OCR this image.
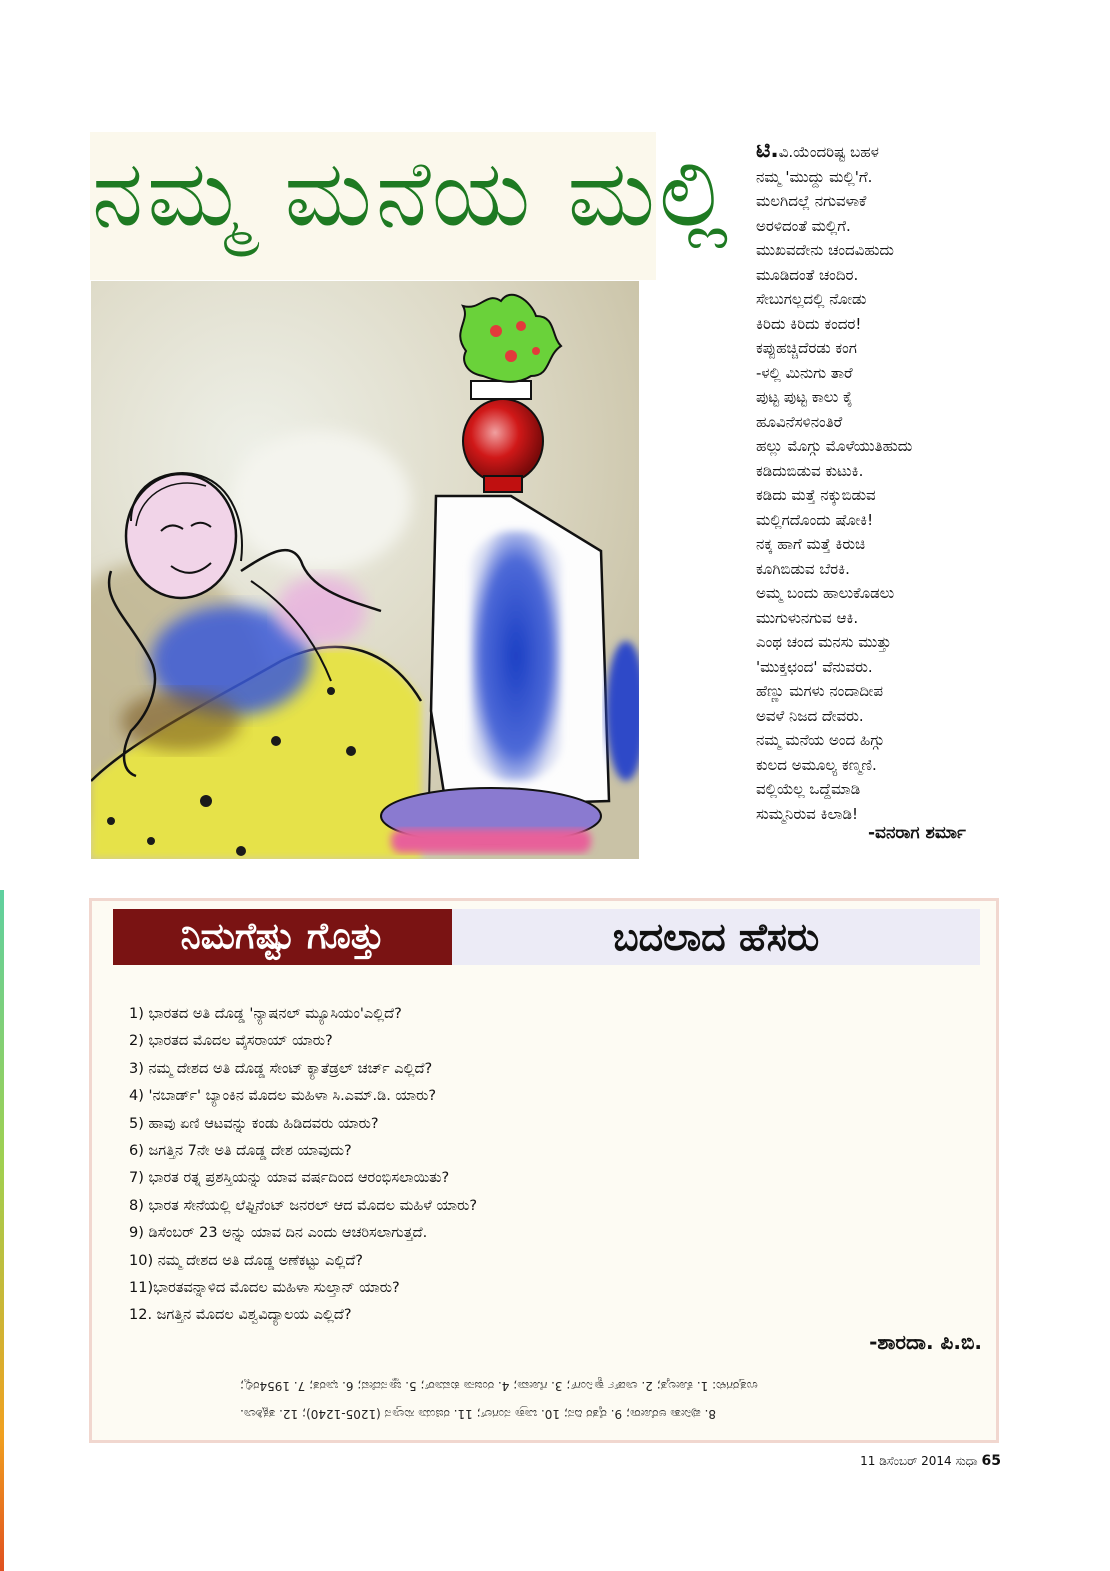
ನಮ್ಮ ಮನೆಯ ಮಲ್ಲಿ ಟಿ.ವಿ.ಯೆಂದರಿಷ್ಟ ಬಹಳ
ನಮ್ಮ 'ಮುದ್ದು ಮಲ್ಲಿ'ಗೆ.
ಮಲಗಿದಲ್ಲೆ ನಗುವಳಾಕೆ
ಅರಳಿದಂತೆ ಮಲ್ಲಿಗೆ.
ಮುಖವದೇನು ಚಂದವಿಹುದು
ಮೂಡಿದಂತೆ ಚಂದಿರ.
ಸೇಬುಗಲ್ಲದಲ್ಲಿ ನೋಡು
ಕಿರಿದು ಕಿರಿದು ಕಂದರ!
ಕಪ್ಪುಹಚ್ಚಿದೆರಡು ಕಂಗ
-ಳಲ್ಲಿ ಮಿನುಗು ತಾರೆ
ಪುಟ್ಟ ಪುಟ್ಟ ಕಾಲು ಕೈ
ಹೂವಿನೆಸಳಿನಂತಿರೆ
ಹಲ್ಲು ಮೊಗ್ಗು ಮೊಳೆಯುತಿಹುದು
ಕಡಿದುಬಿಡುವ ಕುಟುಕಿ.
ಕಡಿದು ಮತ್ತೆ ನಕ್ಕುಬಿಡುವ
ಮಲ್ಲಿಗದೊಂದು ಷೋಕಿ!
ನಕ್ಕ ಹಾಗೆ ಮತ್ತೆ ಕಿರುಚಿ
ಕೂಗಿಬಿಡುವ ಬೆರಕಿ.
ಅಮ್ಮ ಬಂದು ಹಾಲುಕೊಡಲು
ಮುಗುಳುನಗುವ ಆಕಿ.
ಎಂಥ ಚಂದ ಮನಸು ಮುತ್ತು
'ಮುಕ್ತಛಂದ' ವೆನುವರು.
ಹೆಣ್ಣು ಮಗಳು ನಂದಾದೀಪ
ಅವಳೆ ನಿಜದ ದೇವರು.
ನಮ್ಮ ಮನೆಯ ಅಂದ ಹಿಗ್ಗು
ಕುಲದ ಅಮೂಲ್ಯ ಕಣ್ಮಣಿ.
ವಲ್ಲಿಯೆಲ್ಲ ಒದ್ದೆಮಾಡಿ
ಸುಮ್ಮನಿರುವ ಕಿಲಾಡಿ!
-ವನರಾಗ ಶರ್ಮಾ
ನಿಮಗೆಷ್ಟು ಗೊತ್ತು	ಬದಲಾದ ಹೆಸರು
1) ಭಾರತದ ಅತಿ ದೊಡ್ಡ 'ನ್ಯಾಷನಲ್ ಮ್ಯೂಸಿಯಂ'ಎಲ್ಲಿದೆ?
2) ಭಾರತದ ಮೊದಲ ವೈಸರಾಯ್ ಯಾರು?
3) ನಮ್ಮ ದೇಶದ ಅತಿ ದೊಡ್ಡ ಸೇಂಟ್ ಕ್ಯಾತೆಡ್ರಲ್ ಚರ್ಚ್ ಎಲ್ಲಿದೆ?
4) 'ನಬಾರ್ಡ್' ಬ್ಯಾಂಕಿನ ಮೊದಲ ಮಹಿಳಾ ಸಿ.ಎಮ್.ಡಿ. ಯಾರು?
5) ಹಾವು ಏಣಿ ಆಟವನ್ನು ಕಂಡು ಹಿಡಿದವರು ಯಾರು?
6) ಜಗತ್ತಿನ 7ನೇ ಅತಿ ದೊಡ್ಡ ದೇಶ ಯಾವುದು?
7) ಭಾರತ ರತ್ನ ಪ್ರಶಸ್ತಿಯನ್ನು ಯಾವ ವರ್ಷದಿಂದ ಆರಂಭಿಸಲಾಯಿತು?
8) ಭಾರತ ಸೇನೆಯಲ್ಲಿ ಲೆಫ್ಟಿನೆಂಟ್ ಜನರಲ್ ಆದ ಮೊದಲ ಮಹಿಳೆ ಯಾರು?
9) ಡಿಸೆಂಬರ್ 23 ಅನ್ನು ಯಾವ ದಿನ ಎಂದು ಆಚರಿಸಲಾಗುತ್ತದೆ.
10) ನಮ್ಮ ದೇಶದ ಅತಿ ದೊಡ್ಡ ಅಣೆಕಟ್ಟು ಎಲ್ಲಿದೆ?
11)ಭಾರತವನ್ನಾಳಿದ ಮೊದಲ ಮಹಿಳಾ ಸುಲ್ತಾನ್ ಯಾರು?
12. ಜಗತ್ತಿನ ಮೊದಲ ವಿಶ್ವವಿದ್ಯಾಲಯ ಎಲ್ಲಿದೆ?
-ಶಾರದಾ. ಪಿ.ಬಿ.
8. ಪುನೀತಾ ಅರೋರಾ; 9. ರೈತರ ದಿನ; 10. ಬಾಕ್ರಾ ನಂಗಲ್; 11. ರಜಿಯಾ ಸುಲ್ತಾನ (1205-1240); 12. ತಕ್ಷಶಿಲಾ.
ಉತ್ತರಗಳು: 1. ಕೋಲ್ಕತ; 2. ಲಾರ್ಡ್ ಕ್ಯಾನಿಂಗ್; 3. ಗೋವಾ; 4. ರಂಜನಾ ಕುಮಾರ್; 5. ಜ್ಞಾನದೇವ; 6. ಭಾರತ; 7. 1954ರಲ್ಲಿ;
11 ಡಿಸೆಂಬರ್ 2014 ಸುಧಾ 65
